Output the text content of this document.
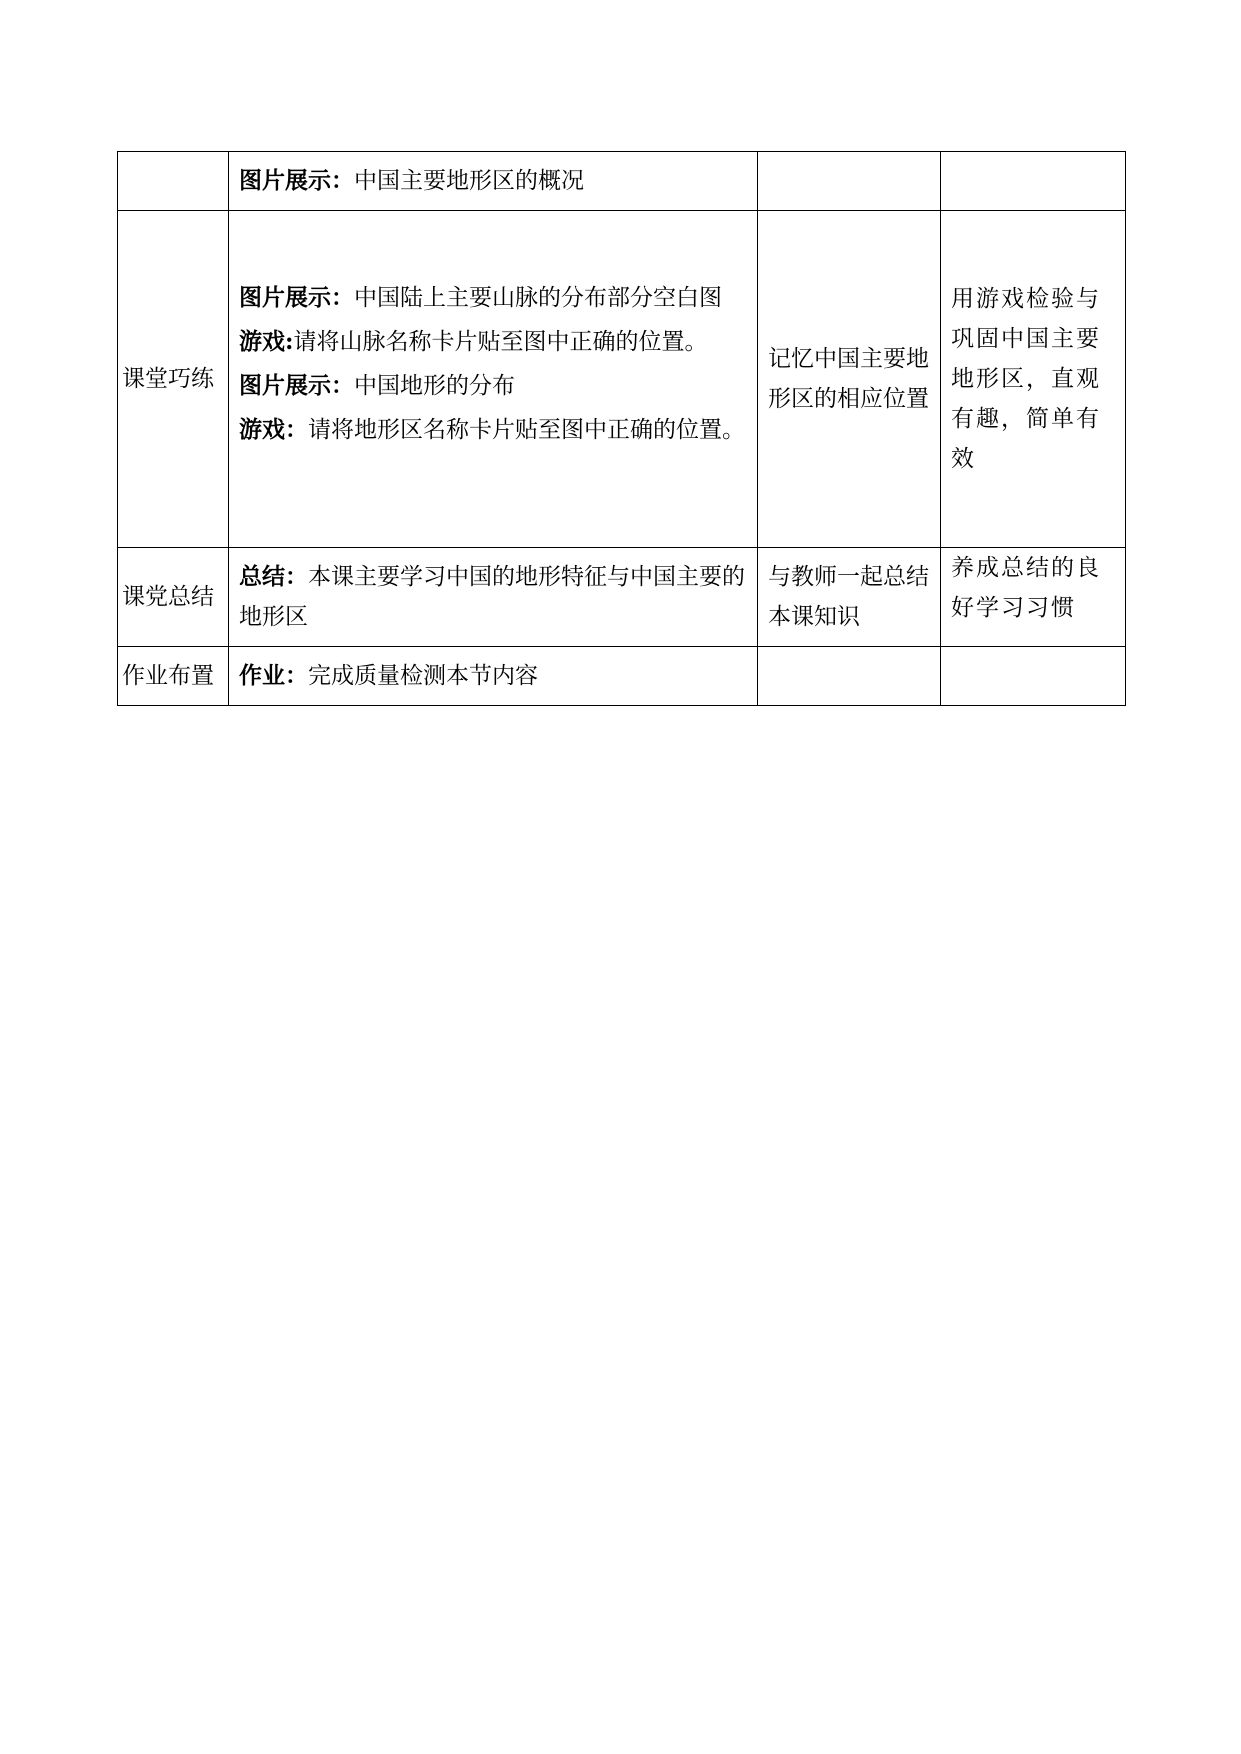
	图片展示：中国主要地形区的概况		

课堂巧练	图片展示：中国陆上主要山脉的分布部分空白图
游戏:请将山脉名称卡片贴至图中正确的位置。
图片展示：中国地形的分布
游戏：请将地形区名称卡片贴至图中正确的位置。	记忆中国主要地形区的相应位置	用游戏检验与巩固中国主要地形区，直观有趣，简单有效
课党总结	总结：本课主要学习中国的地形特征与中国主要的地形区	与教师一起总结本课知识	养成总结的良好学习习惯
作业布置	作业：完成质量检测本节内容		
